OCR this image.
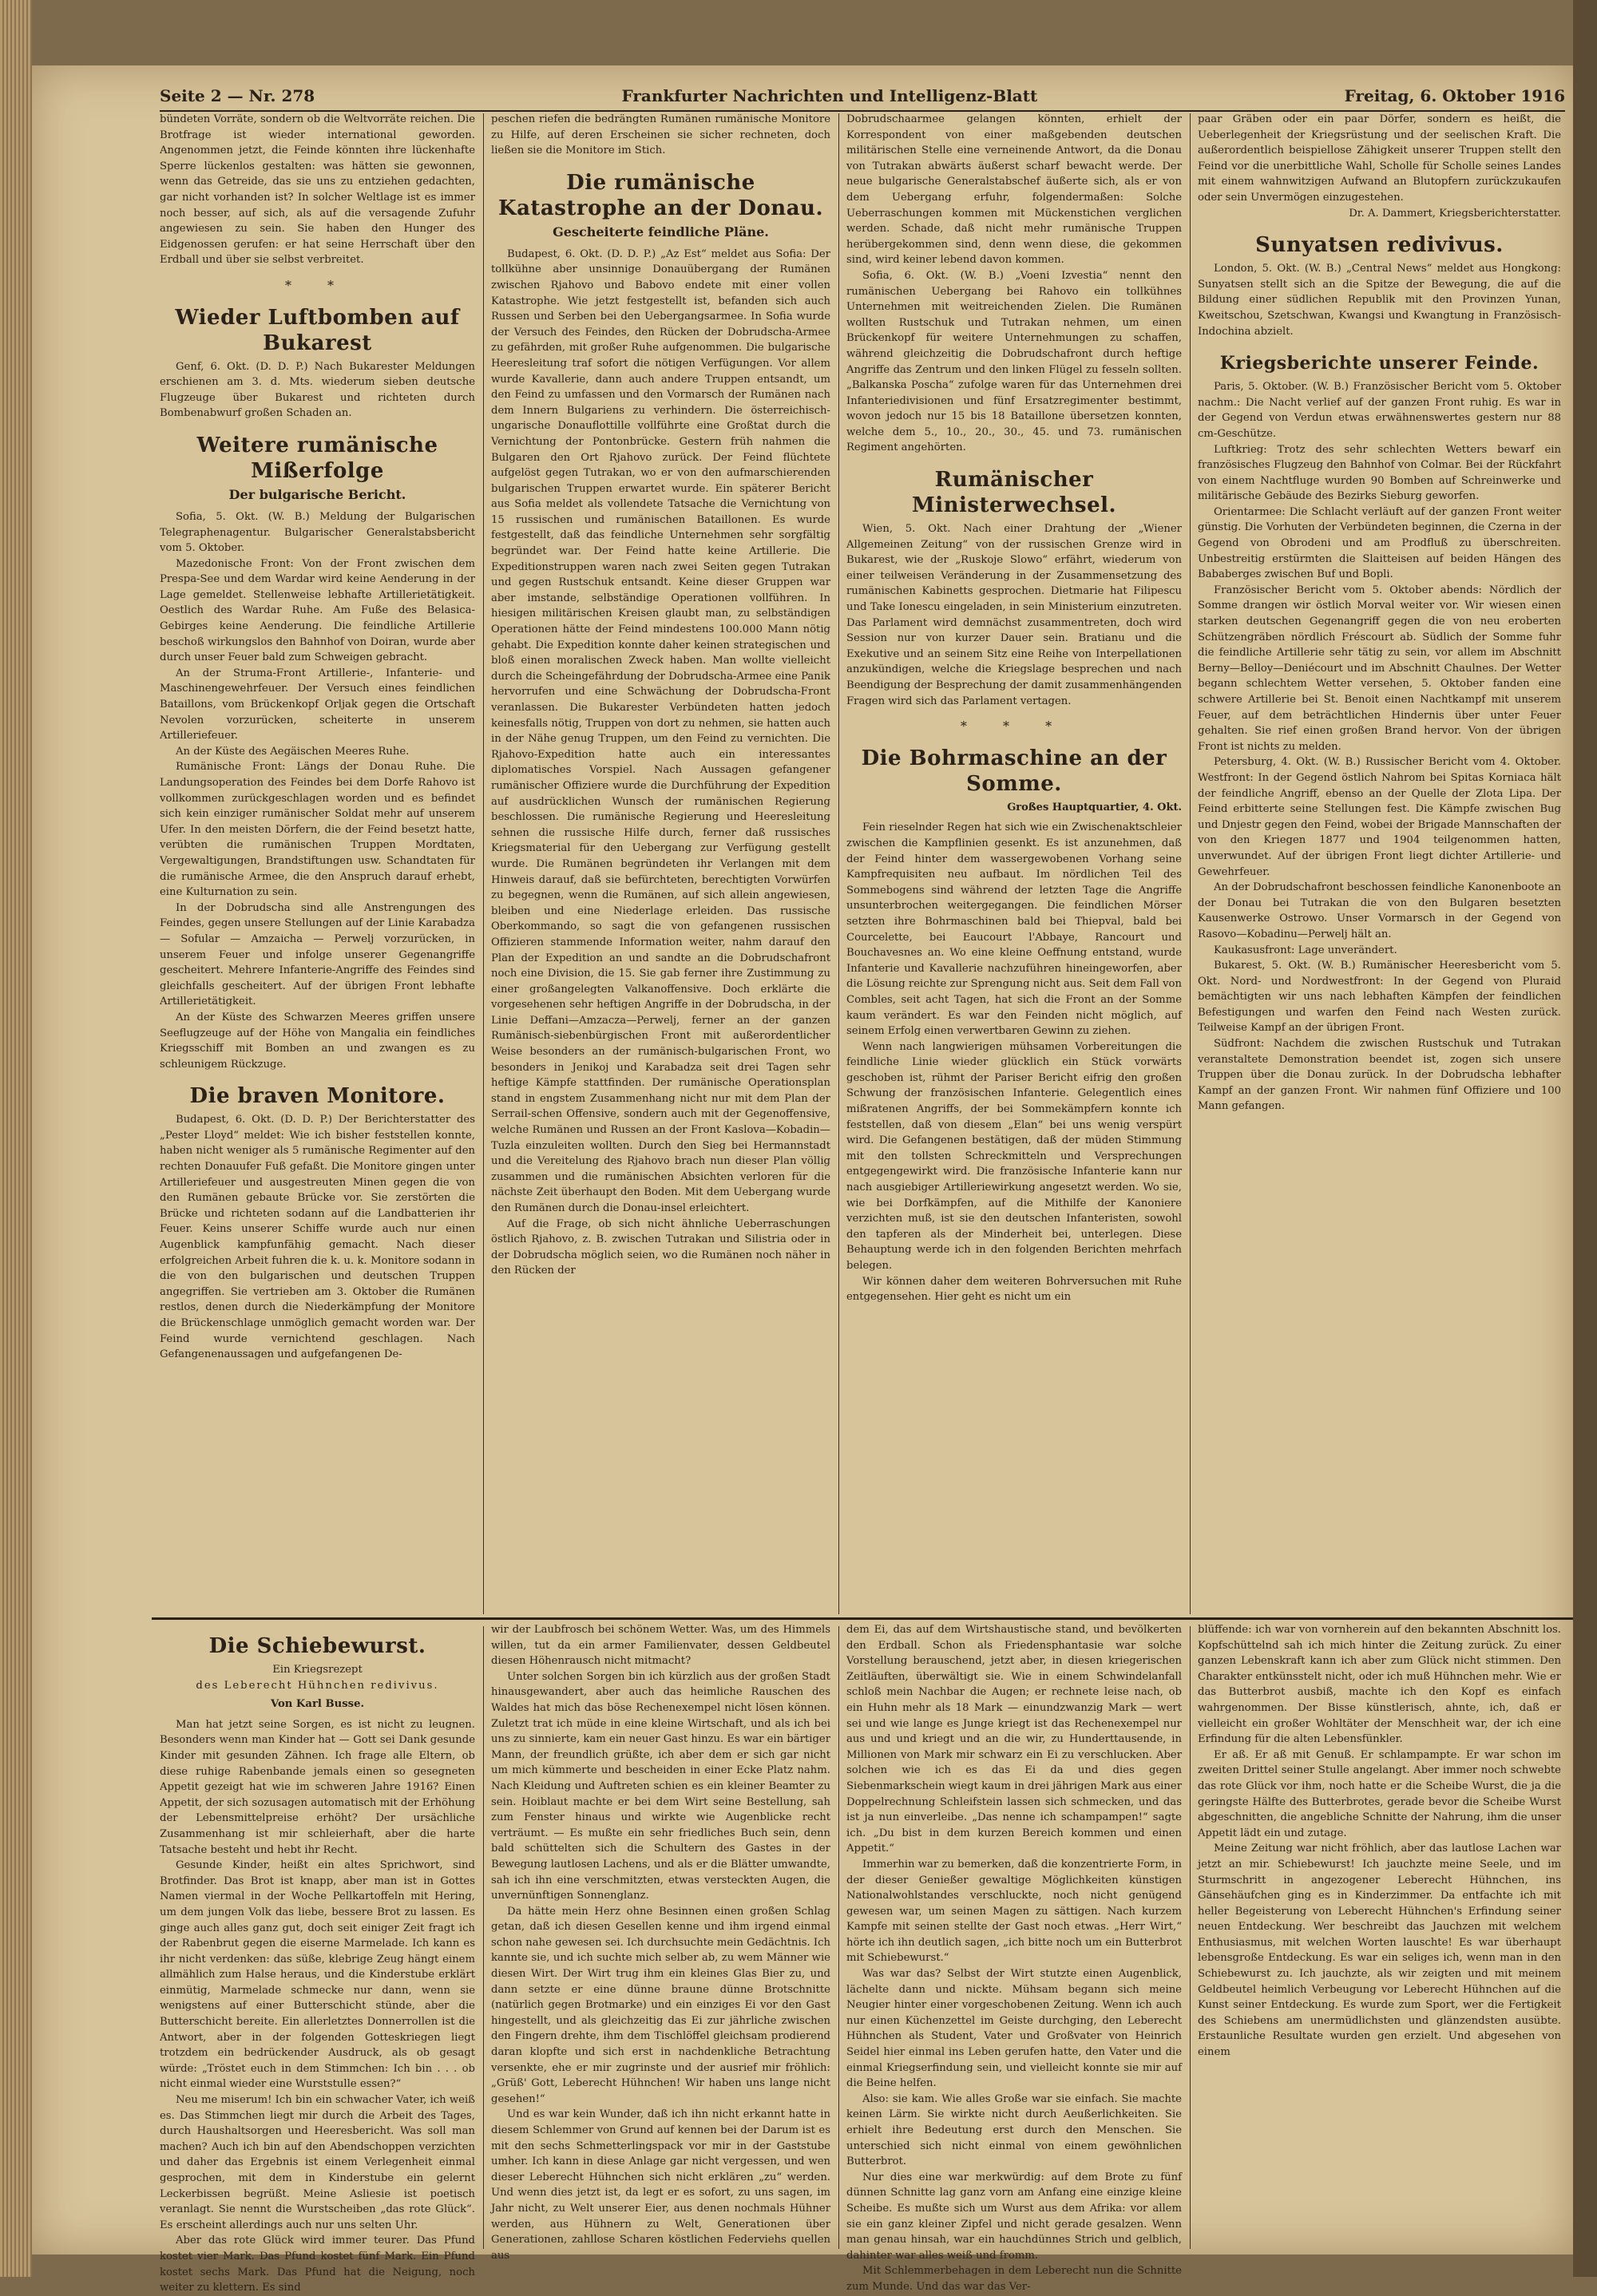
Seite 2 — Nr. 278	Frankfurter Nachrichten und Intelligenz-Blatt	Freitag, 6. Oktober 1916

bündeten Vorräte, sondern ob die Weltvorräte reichen. Die Brotfrage ist wieder international geworden. Angenommen jetzt, die Feinde könnten ihre lückenhafte Sperre lückenlos gestalten: was hätten sie gewonnen, wenn das Getreide, das sie uns zu entziehen gedachten, gar nicht vorhanden ist? In solcher Weltlage ist es immer noch besser, auf sich, als auf die versagende Zufuhr angewiesen zu sein. Sie haben den Hunger des Eidgenossen gerufen: er hat seine Herrschaft über den Erdball und über sie selbst verbreitet.

* *
Wieder Luftbomben auf Bukarest

Genf, 6. Okt. (D. D. P.) Nach Bukarester Meldungen erschienen am 3. d. Mts. wiederum sieben deutsche Flugzeuge über Bukarest und richteten durch Bombenabwurf großen Schaden an.

Weitere rumänische Mißerfolge
Der bulgarische Bericht.

Sofia, 5. Okt. (W. B.) Meldung der Bulgarischen Telegraphenagentur. Bulgarischer Generalstabsbericht vom 5. Oktober.

Mazedonische Front: Von der Front zwischen dem Prespa-See und dem Wardar wird keine Aenderung in der Lage gemeldet. Stellenweise lebhafte Artillerietätigkeit. Oestlich des Wardar Ruhe. Am Fuße des Belasica-Gebirges keine Aenderung. Die feindliche Artillerie beschoß wirkungslos den Bahnhof von Doiran, wurde aber durch unser Feuer bald zum Schweigen gebracht.

An der Struma-Front Artillerie-, Infanterie- und Maschinengewehrfeuer. Der Versuch eines feindlichen Bataillons, vom Brückenkopf Orljak gegen die Ortschaft Nevolen vorzurücken, scheiterte in unserem Artilleriefeuer.

An der Küste des Aegäischen Meeres Ruhe.

Rumänische Front: Längs der Donau Ruhe. Die Landungsoperation des Feindes bei dem Dorfe Rahovo ist vollkommen zurückgeschlagen worden und es befindet sich kein einziger rumänischer Soldat mehr auf unserem Ufer. In den meisten Dörfern, die der Feind besetzt hatte, verübten die rumänischen Truppen Mordtaten, Vergewaltigungen, Brandstiftungen usw. Schandtaten für die rumänische Armee, die den Anspruch darauf erhebt, eine Kulturnation zu sein.

In der Dobrudscha sind alle Anstrengungen des Feindes, gegen unsere Stellungen auf der Linie Karabadza — Sofular — Amzaicha — Perwelj vorzurücken, in unserem Feuer und infolge unserer Gegenangriffe gescheitert. Mehrere Infanterie-Angriffe des Feindes sind gleichfalls gescheitert. Auf der übrigen Front lebhafte Artillerietätigkeit.

An der Küste des Schwarzen Meeres griffen unsere Seeflugzeuge auf der Höhe von Mangalia ein feindliches Kriegsschiff mit Bomben an und zwangen es zu schleunigem Rückzuge.

Die braven Monitore.

Budapest, 6. Okt. (D. D. P.) Der Berichterstatter des „Pester Lloyd“ meldet: Wie ich bisher feststellen konnte, haben nicht weniger als 5 rumänische Regimenter auf den rechten Donauufer Fuß gefaßt. Die Monitore gingen unter Artilleriefeuer und ausgestreuten Minen gegen die von den Rumänen gebaute Brücke vor. Sie zerstörten die Brücke und richteten sodann auf die Landbatterien ihr Feuer. Keins unserer Schiffe wurde auch nur einen Augenblick kampfunfähig gemacht. Nach dieser erfolgreichen Arbeit fuhren die k. u. k. Monitore sodann in die von den bulgarischen und deutschen Truppen angegriffen. Sie vertrieben am 3. Oktober die Rumänen restlos, denen durch die Niederkämpfung der Monitore die Brückenschlage unmöglich gemacht worden war. Der Feind wurde vernichtend geschlagen. Nach Gefangenenaussagen und aufgefangenen De-

peschen riefen die bedrängten Rumänen rumänische Monitore zu Hilfe, auf deren Erscheinen sie sicher rechneten, doch ließen sie die Monitore im Stich.

Die rumänische Katastrophe an der Donau.
Gescheiterte feindliche Pläne.

Budapest, 6. Okt. (D. D. P.) „Az Est“ meldet aus Sofia: Der tollkühne aber unsinnige Donauübergang der Rumänen zwischen Rjahovo und Babovo endete mit einer vollen Katastrophe. Wie jetzt festgestellt ist, befanden sich auch Russen und Serben bei den Uebergangsarmee. In Sofia wurde der Versuch des Feindes, den Rücken der Dobrudscha-Armee zu gefährden, mit großer Ruhe aufgenommen. Die bulgarische Heeresleitung traf sofort die nötigen Verfügungen. Vor allem wurde Kavallerie, dann auch andere Truppen entsandt, um den Feind zu umfassen und den Vormarsch der Rumänen nach dem Innern Bulgariens zu verhindern. Die österreichisch-ungarische Donauflottille vollführte eine Großtat durch die Vernichtung der Pontonbrücke. Gestern früh nahmen die Bulgaren den Ort Rjahovo zurück. Der Feind flüchtete aufgelöst gegen Tutrakan, wo er von den aufmarschierenden bulgarischen Truppen erwartet wurde. Ein späterer Bericht aus Sofia meldet als vollendete Tatsache die Vernichtung von 15 russischen und rumänischen Bataillonen. Es wurde festgestellt, daß das feindliche Unternehmen sehr sorgfältig begründet war. Der Feind hatte keine Artillerie. Die Expeditionstruppen waren nach zwei Seiten gegen Tutrakan und gegen Rustschuk entsandt. Keine dieser Gruppen war aber imstande, selbständige Operationen vollführen. In hiesigen militärischen Kreisen glaubt man, zu selbständigen Operationen hätte der Feind mindestens 100.000 Mann nötig gehabt. Die Expedition konnte daher keinen strategischen und bloß einen moralischen Zweck haben. Man wollte vielleicht durch die Scheingefährdung der Dobrudscha-Armee eine Panik hervorrufen und eine Schwächung der Dobrudscha-Front veranlassen. Die Bukarester Verbündeten hatten jedoch keinesfalls nötig, Truppen von dort zu nehmen, sie hatten auch in der Nähe genug Truppen, um den Feind zu vernichten. Die Rjahovo-Expedition hatte auch ein interessantes diplomatisches Vorspiel. Nach Aussagen gefangener rumänischer Offiziere wurde die Durchführung der Expedition auf ausdrücklichen Wunsch der rumänischen Regierung beschlossen. Die rumänische Regierung und Heeresleitung sehnen die russische Hilfe durch, ferner daß russisches Kriegsmaterial für den Uebergang zur Verfügung gestellt wurde. Die Rumänen begründeten ihr Verlangen mit dem Hinweis darauf, daß sie befürchteten, berechtigten Vorwürfen zu begegnen, wenn die Rumänen, auf sich allein angewiesen, bleiben und eine Niederlage erleiden. Das russische Oberkommando, so sagt die von gefangenen russischen Offizieren stammende Information weiter, nahm darauf den Plan der Expedition an und sandte an die Dobrudschafront noch eine Division, die 15. Sie gab ferner ihre Zustimmung zu einer großangelegten Valkanoffensive. Doch erklärte die vorgesehenen sehr heftigen Angriffe in der Dobrudscha, in der Linie Deffani—Amzacza—Perwelj, ferner an der ganzen Rumänisch-siebenbürgischen Front mit außerordentlicher Weise besonders an der rumänisch-bulgarischen Front, wo besonders in Jenikoj und Karabadza seit drei Tagen sehr heftige Kämpfe stattfinden. Der rumänische Operationsplan stand in engstem Zusammenhang nicht nur mit dem Plan der Serrail-schen Offensive, sondern auch mit der Gegenoffensive, welche Rumänen und Russen an der Front Kaslova—Kobadin—Tuzla einzuleiten wollten. Durch den Sieg bei Hermannstadt und die Vereitelung des Rjahovo brach nun dieser Plan völlig zusammen und die rumänischen Absichten verloren für die nächste Zeit überhaupt den Boden. Mit dem Uebergang wurde den Rumänen durch die Donau-insel erleichtert.

Auf die Frage, ob sich nicht ähnliche Ueberraschungen östlich Rjahovo, z. B. zwischen Tutrakan und Silistria oder in der Dobrudscha möglich seien, wo die Rumänen noch näher in den Rücken der

Dobrudschaarmee gelangen könnten, erhielt der Korrespondent von einer maßgebenden deutschen militärischen Stelle eine verneinende Antwort, da die Donau von Tutrakan abwärts äußerst scharf bewacht werde. Der neue bulgarische Generalstabschef äußerte sich, als er von dem Uebergang erfuhr, folgendermaßen: Solche Ueberraschungen kommen mit Mückenstichen verglichen werden. Schade, daß nicht mehr rumänische Truppen herübergekommen sind, denn wenn diese, die gekommen sind, wird keiner lebend davon kommen.

Sofia, 6. Okt. (W. B.) „Voeni Izvestia“ nennt den rumänischen Uebergang bei Rahovo ein tollkühnes Unternehmen mit weitreichenden Zielen. Die Rumänen wollten Rustschuk und Tutrakan nehmen, um einen Brückenkopf für weitere Unternehmungen zu schaffen, während gleichzeitig die Dobrudschafront durch heftige Angriffe das Zentrum und den linken Flügel zu fesseln sollten. „Balkanska Poscha“ zufolge waren für das Unternehmen drei Infanteriedivisionen und fünf Ersatzregimenter bestimmt, wovon jedoch nur 15 bis 18 Bataillone übersetzen konnten, welche dem 5., 10., 20., 30., 45. und 73. rumänischen Regiment angehörten.

Rumänischer Ministerwechsel.

Wien, 5. Okt. Nach einer Drahtung der „Wiener Allgemeinen Zeitung“ von der russischen Grenze wird in Bukarest, wie der „Ruskoje Slowo“ erfährt, wiederum von einer teilweisen Veränderung in der Zusammensetzung des rumänischen Kabinetts gesprochen. Dietmarie hat Filipescu und Take Ionescu eingeladen, in sein Ministerium einzutreten. Das Parlament wird demnächst zusammentreten, doch wird Session nur von kurzer Dauer sein. Bratianu und die Exekutive und an seinem Sitz eine Reihe von Interpellationen anzukündigen, welche die Kriegslage besprechen und nach Beendigung der Besprechung der damit zusammenhängenden Fragen wird sich das Parlament vertagen.

* * *
Die Bohrmaschine an der Somme.
Großes Hauptquartier, 4. Okt.

Fein rieselnder Regen hat sich wie ein Zwischenaktschleier zwischen die Kampflinien gesenkt. Es ist anzunehmen, daß der Feind hinter dem wassergewobenen Vorhang seine Kampfrequisiten neu aufbaut. Im nördlichen Teil des Sommebogens sind während der letzten Tage die Angriffe unsunterbrochen weitergegangen. Die feindlichen Mörser setzten ihre Bohrmaschinen bald bei Thiepval, bald bei Courcelette, bei Eaucourt l'Abbaye, Rancourt und Bouchavesnes an. Wo eine kleine Oeffnung entstand, wurde Infanterie und Kavallerie nachzuführen hineingeworfen, aber die Lösung reichte zur Sprengung nicht aus. Seit dem Fall von Combles, seit acht Tagen, hat sich die Front an der Somme kaum verändert. Es war den Feinden nicht möglich, auf seinem Erfolg einen verwertbaren Gewinn zu ziehen.

Wenn nach langwierigen mühsamen Vorbereitungen die feindliche Linie wieder glücklich ein Stück vorwärts geschoben ist, rühmt der Pariser Bericht eifrig den großen Schwung der französischen Infanterie. Gelegentlich eines mißratenen Angriffs, der bei Sommekämpfern konnte ich feststellen, daß von diesem „Elan“ bei uns wenig verspürt wird. Die Gefangenen bestätigen, daß der müden Stimmung mit den tollsten Schreckmitteln und Versprechungen entgegengewirkt wird. Die französische Infanterie kann nur nach ausgiebiger Artilleriewirkung angesetzt werden. Wo sie, wie bei Dorfkämpfen, auf die Mithilfe der Kanoniere verzichten muß, ist sie den deutschen Infanteristen, sowohl den tapferen als der Minderheit bei, unterlegen. Diese Behauptung werde ich in den folgenden Berichten mehrfach belegen.

Wir können daher dem weiteren Bohrversuchen mit Ruhe entgegensehen. Hier geht es nicht um ein

paar Gräben oder ein paar Dörfer, sondern es heißt, die Ueberlegenheit der Kriegsrüstung und der seelischen Kraft. Die außerordentlich beispiellose Zähigkeit unserer Truppen stellt den Feind vor die unerbittliche Wahl, Scholle für Scholle seines Landes mit einem wahnwitzigen Aufwand an Blutopfern zurückzukaufen oder sein Unvermögen einzugestehen.

Dr. A. Dammert, Kriegsberichterstatter.

Sunyatsen redivivus.

London, 5. Okt. (W. B.) „Central News“ meldet aus Hongkong: Sunyatsen stellt sich an die Spitze der Bewegung, die auf die Bildung einer südlichen Republik mit den Provinzen Yunan, Kweitschou, Szetschwan, Kwangsi und Kwangtung in Französisch-Indochina abzielt.

Kriegsberichte unserer Feinde.

Paris, 5. Oktober. (W. B.) Französischer Bericht vom 5. Oktober nachm.: Die Nacht verlief auf der ganzen Front ruhig. Es war in der Gegend von Verdun etwas erwähnenswertes gestern nur 88 cm-Geschütze.

Luftkrieg: Trotz des sehr schlechten Wetters bewarf ein französisches Flugzeug den Bahnhof von Colmar. Bei der Rückfahrt von einem Nachtfluge wurden 90 Bomben auf Schreinwerke und militärische Gebäude des Bezirks Sieburg geworfen.

Orientarmee: Die Schlacht verläuft auf der ganzen Front weiter günstig. Die Vorhuten der Verbündeten beginnen, die Czerna in der Gegend von Obrodeni und am Prodfluß zu überschreiten. Unbestreitig erstürmten die Slaitteisen auf beiden Hängen des Bababerges zwischen Buf und Bopli.

Französischer Bericht vom 5. Oktober abends: Nördlich der Somme drangen wir östlich Morval weiter vor. Wir wiesen einen starken deutschen Gegenangriff gegen die von neu eroberten Schützengräben nördlich Fréscourt ab. Südlich der Somme fuhr die feindliche Artillerie sehr tätig zu sein, vor allem im Abschnitt Berny—Belloy—Deniécourt und im Abschnitt Chaulnes. Der Wetter begann schlechtem Wetter versehen, 5. Oktober fanden eine schwere Artillerie bei St. Benoit einen Nachtkampf mit unserem Feuer, auf dem beträchtlichen Hindernis über unter Feuer gehalten. Sie rief einen großen Brand hervor. Von der übrigen Front ist nichts zu melden.

Petersburg, 4. Okt. (W. B.) Russischer Bericht vom 4. Oktober. Westfront: In der Gegend östlich Nahrom bei Spitas Korniaca hält der feindliche Angriff, ebenso an der Quelle der Zlota Lipa. Der Feind erbitterte seine Stellungen fest. Die Kämpfe zwischen Bug und Dnjestr gegen den Feind, wobei der Brigade Mannschaften der von den Kriegen 1877 und 1904 teilgenommen hatten, unverwundet. Auf der übrigen Front liegt dichter Artillerie- und Gewehrfeuer.

An der Dobrudschafront beschossen feindliche Kanonenboote an der Donau bei Tutrakan die von den Bulgaren besetzten Kausenwerke Ostrowo. Unser Vormarsch in der Gegend von Rasovo—Kobadinu—Perwelj hält an.

Kaukasusfront: Lage unverändert.

Bukarest, 5. Okt. (W. B.) Rumänischer Heeresbericht vom 5. Okt. Nord- und Nordwestfront: In der Gegend von Pluraid bemächtigten wir uns nach lebhaften Kämpfen der feindlichen Befestigungen und warfen den Feind nach Westen zurück. Teilweise Kampf an der übrigen Front.

Südfront: Nachdem die zwischen Rustschuk und Tutrakan veranstaltete Demonstration beendet ist, zogen sich unsere Truppen über die Donau zurück. In der Dobrudscha lebhafter Kampf an der ganzen Front. Wir nahmen fünf Offiziere und 100 Mann gefangen.

Die Schiebewurst.
Ein Kriegsrezept
des Leberecht Hühnchen redivivus.
Von Karl Busse.

Man hat jetzt seine Sorgen, es ist nicht zu leugnen. Besonders wenn man Kinder hat — Gott sei Dank gesunde Kinder mit gesunden Zähnen. Ich frage alle Eltern, ob diese ruhige Rabenbande jemals einen so gesegneten Appetit gezeigt hat wie im schweren Jahre 1916? Einen Appetit, der sich sozusagen automatisch mit der Erhöhung der Lebensmittelpreise erhöht? Der ursächliche Zusammenhang ist mir schleierhaft, aber die harte Tatsache besteht und hebt ihr Recht.

Gesunde Kinder, heißt ein altes Sprichwort, sind Brotfinder. Das Brot ist knapp, aber man ist in Gottes Namen viermal in der Woche Pellkartoffeln mit Hering, um dem jungen Volk das liebe, bessere Brot zu lassen. Es ginge auch alles ganz gut, doch seit einiger Zeit fragt ich der Rabenbrut gegen die eiserne Marmelade. Ich kann es ihr nicht verdenken: das süße, klebrige Zeug hängt einem allmählich zum Halse heraus, und die Kinderstube erklärt einmütig, Marmelade schmecke nur dann, wenn sie wenigstens auf einer Butterschicht stünde, aber die Butterschicht bereite. Ein allerletztes Donnerrollen ist die Antwort, aber in der folgenden Gotteskriegen liegt trotzdem ein bedrückender Ausdruck, als ob gesagt würde: „Tröstet euch in dem Stimmchen: Ich bin . . . ob nicht einmal wieder eine Wurststulle essen?“

Neu me miserum! Ich bin ein schwacher Vater, ich weiß es. Das Stimmchen liegt mir durch die Arbeit des Tages, durch Haushaltsorgen und Heeresbericht. Was soll man machen? Auch ich bin auf den Abendschoppen verzichten und daher das Ergebnis ist einem Verlegenheit einmal gesprochen, mit dem in Kinderstube ein gelernt Leckerbissen begrüßt. Meine Asliesie ist poetisch veranlagt. Sie nennt die Wurstscheiben „das rote Glück“. Es erscheint allerdings auch nur uns selten Uhr.

Aber das rote Glück wird immer teurer. Das Pfund kostet vier Mark. Das Pfund kostet fünf Mark. Ein Pfund kostet sechs Mark. Das Pfund hat die Neigung, noch weiter zu klettern. Es sind

wir der Laubfrosch bei schönem Wetter. Was, um des Himmels willen, tut da ein armer Familienvater, dessen Geldbeutel diesen Höhenrausch nicht mitmacht?

Unter solchen Sorgen bin ich kürzlich aus der großen Stadt hinausgewandert, aber auch das heimliche Rauschen des Waldes hat mich das böse Rechenexempel nicht lösen können. Zuletzt trat ich müde in eine kleine Wirtschaft, und als ich bei uns zu sinnierte, kam ein neuer Gast hinzu. Es war ein bärtiger Mann, der freundlich grüßte, ich aber dem er sich gar nicht um mich kümmerte und bescheiden in einer Ecke Platz nahm. Nach Kleidung und Auftreten schien es ein kleiner Beamter zu sein. Hoiblaut machte er bei dem Wirt seine Bestellung, sah zum Fenster hinaus und wirkte wie Augenblicke recht verträumt. — Es mußte ein sehr friedliches Buch sein, denn bald schüttelten sich die Schultern des Gastes in der Bewegung lautlosen Lachens, und als er die Blätter umwandte, sah ich ihn eine verschmitzten, etwas versteckten Augen, die unvernünftigen Sonnenglanz.

Da hätte mein Herz ohne Besinnen einen großen Schlag getan, daß ich diesen Gesellen kenne und ihm irgend einmal schon nahe gewesen sei. Ich durchsuchte mein Gedächtnis. Ich kannte sie, und ich suchte mich selber ab, zu wem Männer wie diesen Wirt. Der Wirt trug ihm ein kleines Glas Bier zu, und dann setzte er eine dünne braune dünne Brotschnitte (natürlich gegen Brotmarke) und ein einziges Ei vor den Gast hingestellt, und als gleichzeitig das Ei zur jährliche zwischen den Fingern drehte, ihm dem Tischlöffel gleichsam prodierend daran klopfte und sich erst in nachdenkliche Betrachtung versenkte, ehe er mir zugrinste und der ausrief mir fröhlich: „Grüß' Gott, Leberecht Hühnchen! Wir haben uns lange nicht gesehen!“

Und es war kein Wunder, daß ich ihn nicht erkannt hatte in diesem Schlemmer von Grund auf kennen bei der Darum ist es mit den sechs Schmetterlingspack vor mir in der Gaststube umher. Ich kann in diese Anlage gar nicht vergessen, und wen dieser Leberecht Hühnchen sich nicht erklären „zu“ werden. Und wenn dies jetzt ist, da legt er es sofort, zu uns sagen, im Jahr nicht, zu Welt unserer Eier, aus denen nochmals Hühner werden, aus Hühnern zu Welt, Generationen über Generationen, zahllose Scharen köstlichen Federviehs quellen aus

dem Ei, das auf dem Wirtshaustische stand, und bevölkerten den Erdball. Schon als Friedensphantasie war solche Vorstellung berauschend, jetzt aber, in diesen kriegerischen Zeitläuften, überwältigt sie. Wie in einem Schwindelanfall schloß mein Nachbar die Augen; er rechnete leise nach, ob ein Huhn mehr als 18 Mark — einundzwanzig Mark — wert sei und wie lange es Junge kriegt ist das Rechenexempel nur aus und und kriegt und an die wir, zu Hunderttausende, in Millionen von Mark mir schwarz ein Ei zu verschlucken. Aber solchen wie ich es das Ei da und dies gegen Siebenmarkschein wiegt kaum in drei jährigen Mark aus einer Doppelrechnung Schleifstein lassen sich schmecken, und das ist ja nun einverleibe. „Das nenne ich schampampen!“ sagte ich. „Du bist in dem kurzen Bereich kommen und einen Appetit.“

Immerhin war zu bemerken, daß die konzentrierte Form, in der dieser Genießer gewaltige Möglichkeiten künstigen Nationalwohlstandes verschluckte, noch nicht genügend gewesen war, um seinen Magen zu sättigen. Nach kurzem Kampfe mit seinen stellte der Gast noch etwas. „Herr Wirt,“ hörte ich ihn deutlich sagen, „ich bitte noch um ein Butterbrot mit Schiebewurst.“

Was war das? Selbst der Wirt stutzte einen Augenblick, lächelte dann und nickte. Mühsam begann sich meine Neugier hinter einer vorgeschobenen Zeitung. Wenn ich auch nur einen Küchenzettel im Geiste durchging, den Leberecht Hühnchen als Student, Vater und Großvater von Heinrich Seidel hier einmal ins Leben gerufen hatte, den Vater und die einmal Kriegserfindung sein, und vielleicht konnte sie mir auf die Beine helfen.

Also: sie kam. Wie alles Große war sie einfach. Sie machte keinen Lärm. Sie wirkte nicht durch Aeußerlichkeiten. Sie erhielt ihre Bedeutung erst durch den Menschen. Sie unterschied sich nicht einmal von einem gewöhnlichen Butterbrot.

Nur dies eine war merkwürdig: auf dem Brote zu fünf dünnen Schnitte lag ganz vorn am Anfang eine einzige kleine Scheibe. Es mußte sich um Wurst aus dem Afrika: vor allem sie ein ganz kleiner Zipfel und nicht gerade gesalzen. Wenn man genau hinsah, war ein hauchdünnes Strich und gelblich, dahinter war alles weiß und fromm.

Mit Schlemmerbehagen in dem Leberecht nun die Schnitte zum Munde. Und das war das Ver-

blüffende: ich war von vornherein auf den bekannten Abschnitt los. Kopfschüttelnd sah ich mich hinter die Zeitung zurück. Zu einer ganzen Lebenskraft kann ich aber zum Glück nicht stimmen. Den Charakter entkünsstelt nicht, oder ich muß Hühnchen mehr. Wie er das Butterbrot ausbiß, machte ich den Kopf es einfach wahrgenommen. Der Bisse künstlerisch, ahnte, ich, daß er vielleicht ein großer Wohltäter der Menschheit war, der ich eine Erfindung für die alten Lebensfünkler.

Er aß. Er aß mit Genuß. Er schlampampte. Er war schon im zweiten Drittel seiner Stulle angelangt. Aber immer noch schwebte das rote Glück vor ihm, noch hatte er die Scheibe Wurst, die ja die geringste Hälfte des Butterbrotes, gerade bevor die Scheibe Wurst abgeschnitten, die angebliche Schnitte der Nahrung, ihm die unser Appetit lädt ein und zutage.

Meine Zeitung war nicht fröhlich, aber das lautlose Lachen war jetzt an mir. Schiebewurst! Ich jauchzte meine Seele, und im Sturmschritt in angezogener Leberecht Hühnchen, ins Gänsehäufchen ging es in Kinderzimmer. Da entfachte ich mit heller Begeisterung von Leberecht Hühnchen's Erfindung seiner neuen Entdeckung. Wer beschreibt das Jauchzen mit welchem Enthusiasmus, mit welchen Worten lauschte! Es war überhaupt lebensgroße Entdeckung. Es war ein seliges ich, wenn man in den Schiebewurst zu. Ich jauchzte, als wir zeigten und mit meinem Geldbeutel heimlich Verbeugung vor Leberecht Hühnchen auf die Kunst seiner Entdeckung. Es wurde zum Sport, wer die Fertigkeit des Schiebens am unermüdlichsten und glänzendsten ausübte. Erstaunliche Resultate wurden gen erzielt. Und abgesehen von einem
